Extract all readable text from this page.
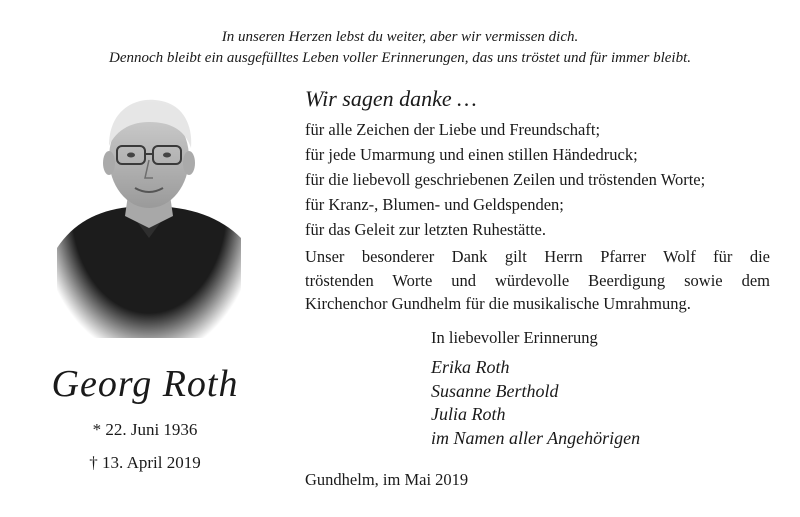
In unseren Herzen lebst du weiter, aber wir vermissen dich.
Dennoch bleibt ein ausgefülltes Leben voller Erinnerungen, das uns tröstet und für immer bleibt.
Wir sagen danke …
für alle Zeichen der Liebe und Freundschaft;
für jede Umarmung und einen stillen Händedruck;
für die liebevoll geschriebenen Zeilen und tröstenden Worte;
für Kranz-, Blumen- und Geldspenden;
für das Geleit zur letzten Ruhestätte.
Unser besonderer Dank gilt Herrn Pfarrer Wolf für die
tröstenden Worte und würdevolle Beerdigung sowie dem
Kirchenchor Gundhelm für die musikalische Umrahmung.
In liebevoller Erinnerung
Erika Roth
Susanne Berthold
Julia Roth
im Namen aller Angehörigen
Gundhelm, im Mai 2019
Georg Roth
* 22. Juni 1936
† 13. April 2019
